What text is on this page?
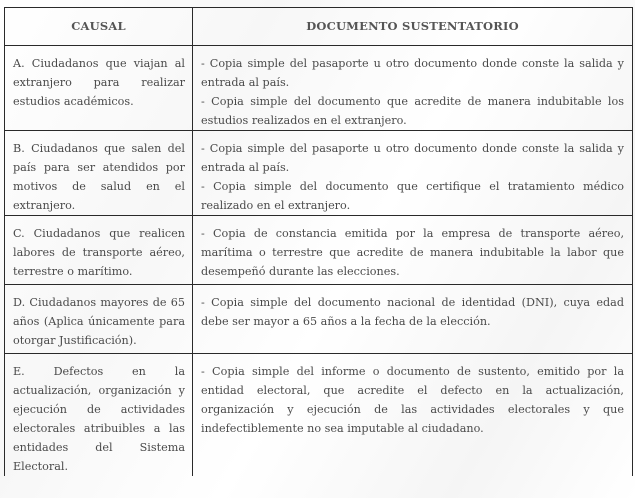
CAUSAL	DOCUMENTO SUSTENTATORIO
A. Ciudadanos que viajan al extranjero para realizar estudios académicos.	- Copia simple del pasaporte u otro documento donde conste la salida y entrada al país.
- Copia simple del documento que acredite de manera indubitable los estudios realizados en el extranjero.

B. Ciudadanos que salen del país para ser atendidos por motivos de salud en el extranjero.	- Copia simple del pasaporte u otro documento donde conste la salida y entrada al país.
- Copia simple del documento que certifique el tratamiento médico realizado en el extranjero.

C. Ciudadanos que realicen labores de transporte aéreo, terrestre o marítimo.	- Copia de constancia emitida por la empresa de transporte aéreo, marítima o terrestre que acredite de manera indubitable la labor que desempeñó durante las elecciones.

D. Ciudadanos mayores de 65 años (Aplica únicamente para otorgar Justificación).	- Copia simple del documento nacional de identidad (DNI), cuya edad debe ser mayor a 65 años a la fecha de la elección.

E. Defectos en la actualización, organización y ejecución de actividades electorales atribuibles a las entidades del Sistema Electoral.	- Copia simple del informe o documento de sustento, emitido por la entidad electoral, que acredite el defecto en la actualización, organización y ejecución de las actividades electorales y que indefectiblemente no sea imputable al ciudadano.
